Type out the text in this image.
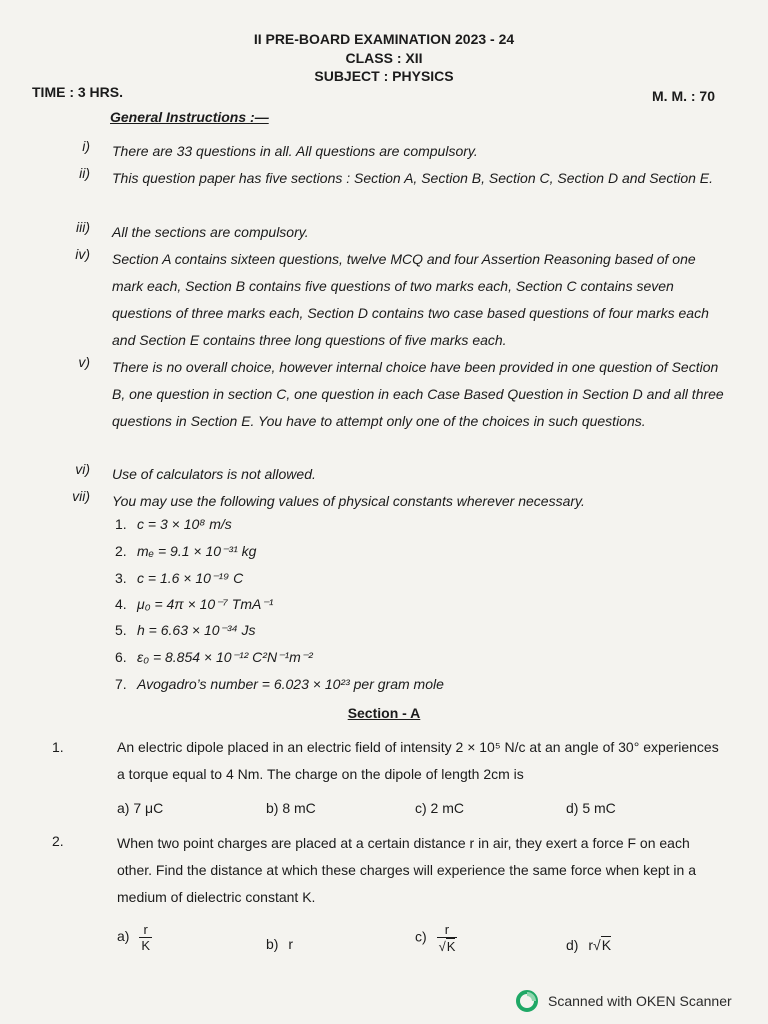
II PRE-BOARD EXAMINATION 2023 - 24
CLASS : XII
SUBJECT : PHYSICS
TIME : 3 HRS.	M. M. : 70
General Instructions :—
i) There are 33 questions in all. All questions are compulsory.
ii) This question paper has five sections : Section A, Section B, Section C, Section D and Section E.
iii) All the sections are compulsory.
iv) Section A contains sixteen questions, twelve MCQ and four Assertion Reasoning based of one mark each, Section B contains five questions of two marks each, Section C contains seven questions of three marks each, Section D contains two case based questions of four marks each and Section E contains three long questions of five marks each.
v) There is no overall choice, however internal choice have been provided in one question of Section B, one question in section C, one question in each Case Based Question in Section D and all three questions in Section E. You have to attempt only one of the choices in such questions.
vi) Use of calculators is not allowed.
vii) You may use the following values of physical constants wherever necessary.
1. c = 3 × 10⁸ m/s
2. mₑ = 9.1 × 10⁻³¹ kg
3. c = 1.6 × 10⁻¹⁹ C
4. μ₀ = 4π × 10⁻⁷ TmA⁻¹
5. h = 6.63 × 10⁻³⁴ Js
6. ε₀ = 8.854 × 10⁻¹² C²N⁻¹m⁻²
7. Avogadro’s number = 6.023 × 10²³ per gram mole
Section - A
1.	An electric dipole placed in an electric field of intensity 2 × 10⁵ N/c at an angle of 30° experiences a torque equal to 4 Nm. The charge on the dipole of length 2cm is
a) 7 μC	b) 8 mC	c) 2 mC	d) 5 mC
2.	When two point charges are placed at a certain distance r in air, they exert a force F on each other. Find the distance at which these charges will experience the same force when kept in a medium of dielectric constant K.
$a) \frac{r}{K}$	b) r	$c) \frac{r}{√K}$	d) r√K
Scanned with OKEN Scanner
